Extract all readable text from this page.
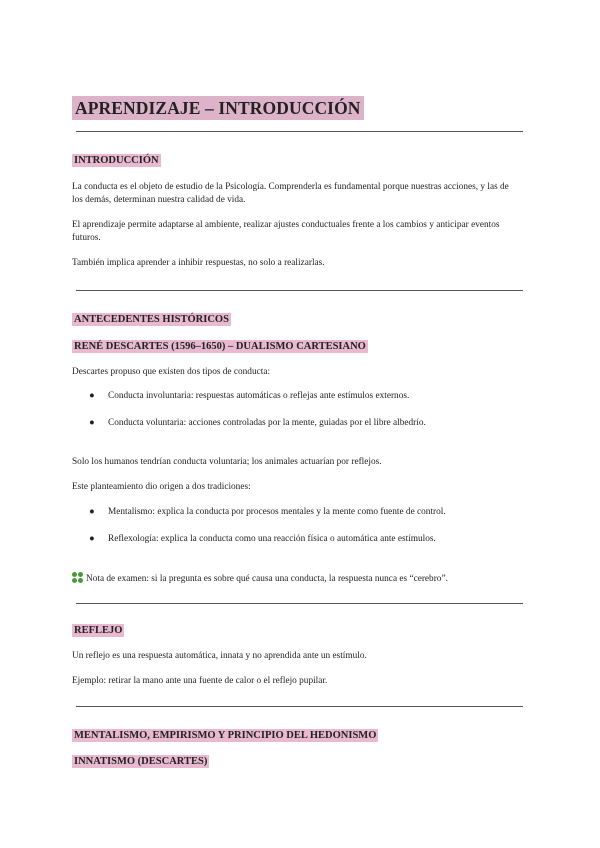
APRENDIZAJE – INTRODUCCIÓN
INTRODUCCIÓN
La conducta es el objeto de estudio de la Psicología. Comprenderla es fundamental porque nuestras acciones, y las de
los demás, determinan nuestra calidad de vida.
El aprendizaje permite adaptarse al ambiente, realizar ajustes conductuales frente a los cambios y anticipar eventos
futuros.
También implica aprender a inhibir respuestas, no solo a realizarlas.
ANTECEDENTES HISTÓRICOS
RENÉ DESCARTES (1596–1650) – DUALISMO CARTESIANO
Descartes propuso que existen dos tipos de conducta:
● Conducta involuntaria: respuestas automáticas o reflejas ante estímulos externos.
● Conducta voluntaria: acciones controladas por la mente, guiadas por el libre albedrío.
Solo los humanos tendrían conducta voluntaria; los animales actuarían por reflejos.
Este planteamiento dio origen a dos tradiciones:
● Mentalismo: explica la conducta por procesos mentales y la mente como fuente de control.
● Reflexología: explica la conducta como una reacción física o automática ante estímulos.
Nota de examen: si la pregunta es sobre qué causa una conducta, la respuesta nunca es “cerebro”.
REFLEJO
Un reflejo es una respuesta automática, innata y no aprendida ante un estímulo.
Ejemplo: retirar la mano ante una fuente de calor o el reflejo pupilar.
MENTALISMO, EMPIRISMO Y PRINCIPIO DEL HEDONISMO
INNATISMO (DESCARTES)
